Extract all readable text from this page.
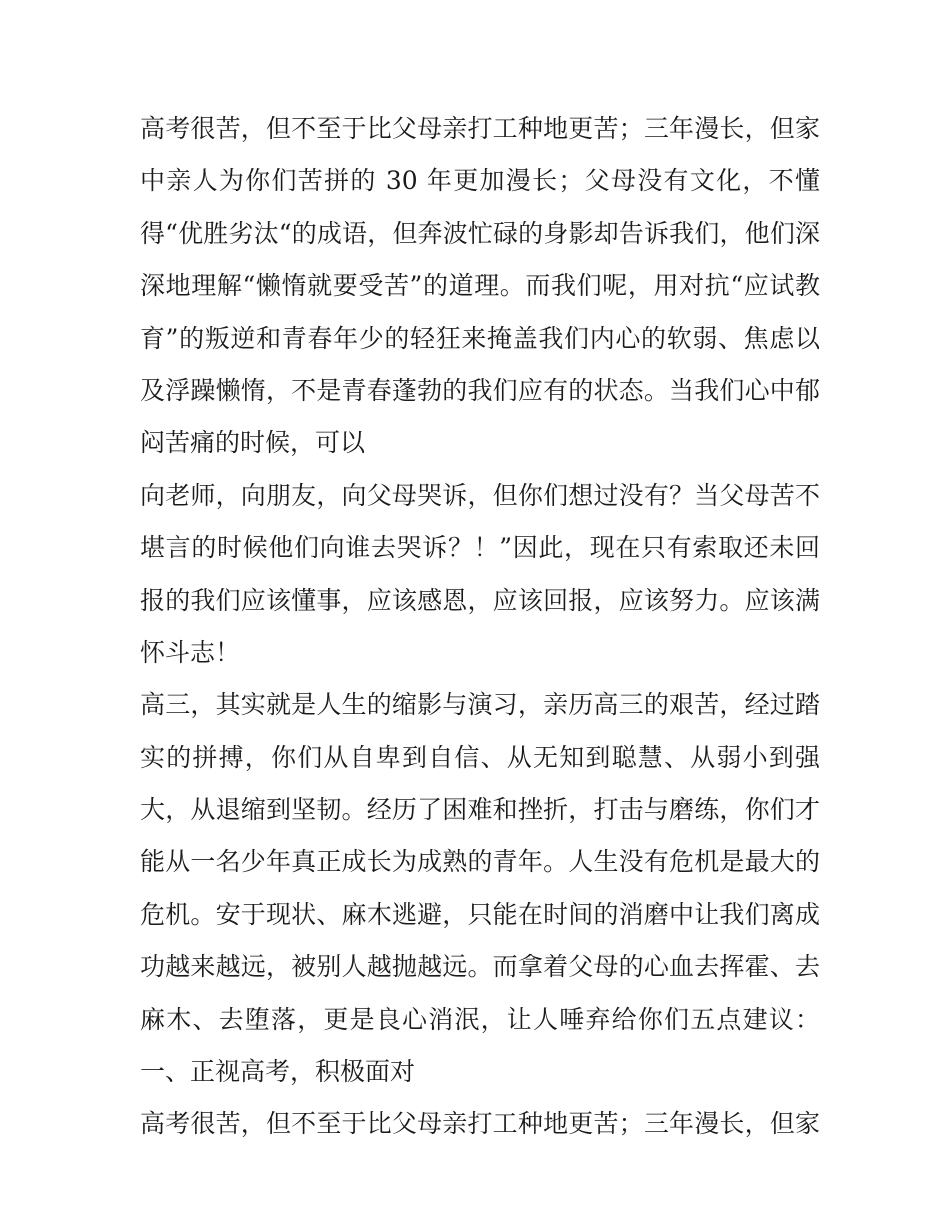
高考很苦，但不至于比父母亲打工种地更苦；三年漫长，但家
中亲人为你们苦拼的 30 年更加漫长；父母没有文化，不懂
得“优胜劣汰“的成语，但奔波忙碌的身影却告诉我们，他们深
深地理解“懒惰就要受苦”的道理。而我们呢，用对抗“应试教
育”的叛逆和青春年少的轻狂来掩盖我们内心的软弱、焦虑以
及浮躁懒惰，不是青春蓬勃的我们应有的状态。当我们心中郁
闷苦痛的时候，可以
向老师，向朋友，向父母哭诉，但你们想过没有？当父母苦不
堪言的时候他们向谁去哭诉？！”因此，现在只有索取还未回
报的我们应该懂事，应该感恩，应该回报，应该努力。应该满
怀斗志！
高三，其实就是人生的缩影与演习，亲历高三的艰苦，经过踏
实的拼搏，你们从自卑到自信、从无知到聪慧、从弱小到强
大，从退缩到坚韧。经历了困难和挫折，打击与磨练，你们才
能从一名少年真正成长为成熟的青年。人生没有危机是最大的
危机。安于现状、麻木逃避，只能在时间的消磨中让我们离成
功越来越远，被别人越抛越远。而拿着父母的心血去挥霍、去
麻木、去堕落，更是良心消泯，让人唾弃给你们五点建议：
一、正视高考，积极面对
高考很苦，但不至于比父母亲打工种地更苦；三年漫长，但家
